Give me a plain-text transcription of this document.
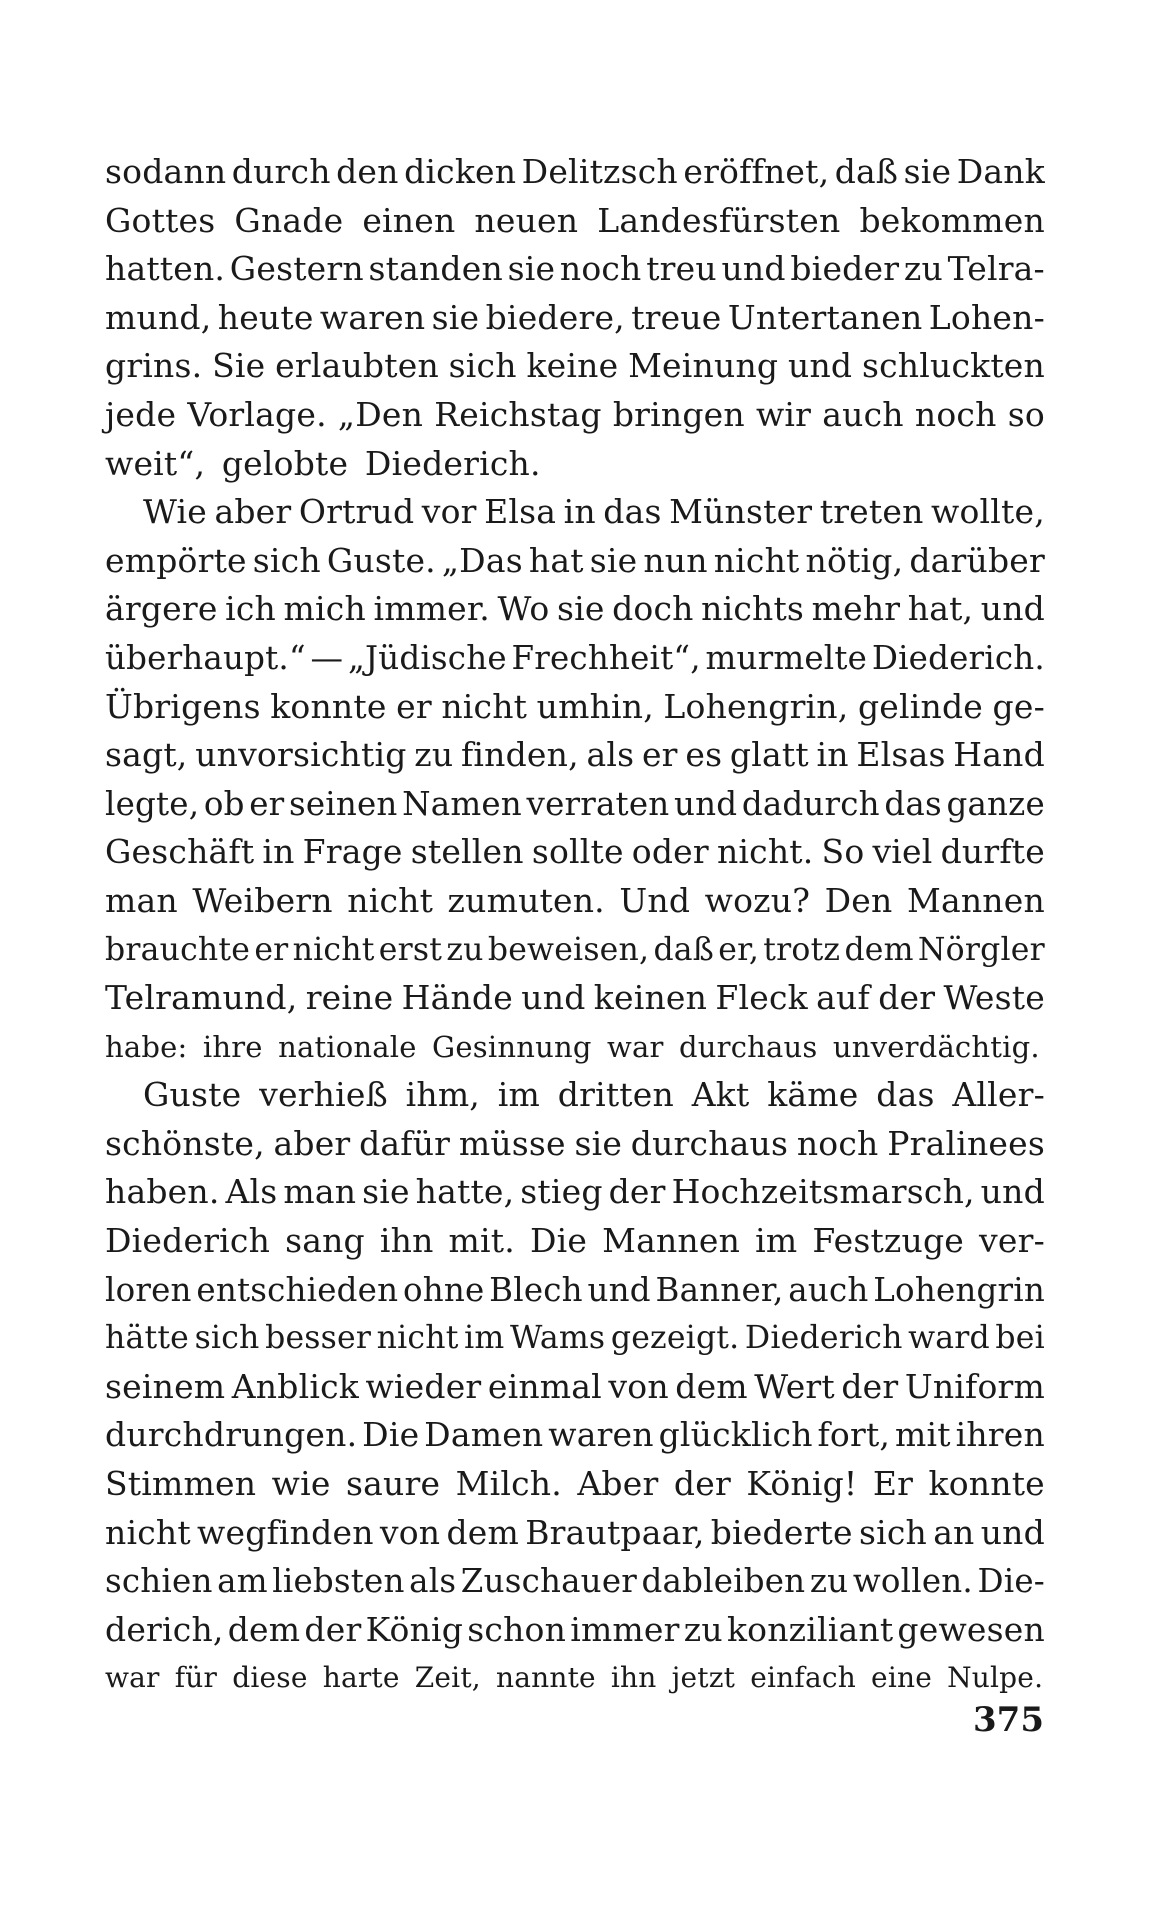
sodann durch den dicken Delitzsch eröffnet, daß sie Dank
Gottes Gnade einen neuen Landesfürsten bekommen
hatten. Gestern standen sie noch treu und bieder zu Telra-
mund, heute waren sie biedere, treue Untertanen Lohen-
grins. Sie erlaubten sich keine Meinung und schluckten
jede Vorlage. „Den Reichstag bringen wir auch noch so
weit“, gelobte Diederich.
Wie aber Ortrud vor Elsa in das Münster treten wollte,
empörte sich Guste. „Das hat sie nun nicht nötig, darüber
ärgere ich mich immer. Wo sie doch nichts mehr hat, und
überhaupt.“ — „Jüdische Frechheit“, murmelte Diederich.
Übrigens konnte er nicht umhin, Lohengrin, gelinde ge-
sagt, unvorsichtig zu finden, als er es glatt in Elsas Hand
legte, ob er seinen Namen verraten und dadurch das ganze
Geschäft in Frage stellen sollte oder nicht. So viel durfte
man Weibern nicht zumuten. Und wozu? Den Mannen
brauchte er nicht erst zu beweisen, daß er, trotz dem Nörgler
Telramund, reine Hände und keinen Fleck auf der Weste
habe: ihre nationale Gesinnung war durchaus unverdächtig.
Guste verhieß ihm, im dritten Akt käme das Aller-
schönste, aber dafür müsse sie durchaus noch Pralinees
haben. Als man sie hatte, stieg der Hochzeitsmarsch, und
Diederich sang ihn mit. Die Mannen im Festzuge ver-
loren entschieden ohne Blech und Banner, auch Lohengrin
hätte sich besser nicht im Wams gezeigt. Diederich ward bei
seinem Anblick wieder einmal von dem Wert der Uniform
durchdrungen. Die Damen waren glücklich fort, mit ihren
Stimmen wie saure Milch. Aber der König! Er konnte
nicht wegfinden von dem Brautpaar, biederte sich an und
schien am liebsten als Zuschauer dableiben zu wollen. Die-
derich, dem der König schon immer zu konziliant gewesen
war für diese harte Zeit, nannte ihn jetzt einfach eine Nulpe.
375
